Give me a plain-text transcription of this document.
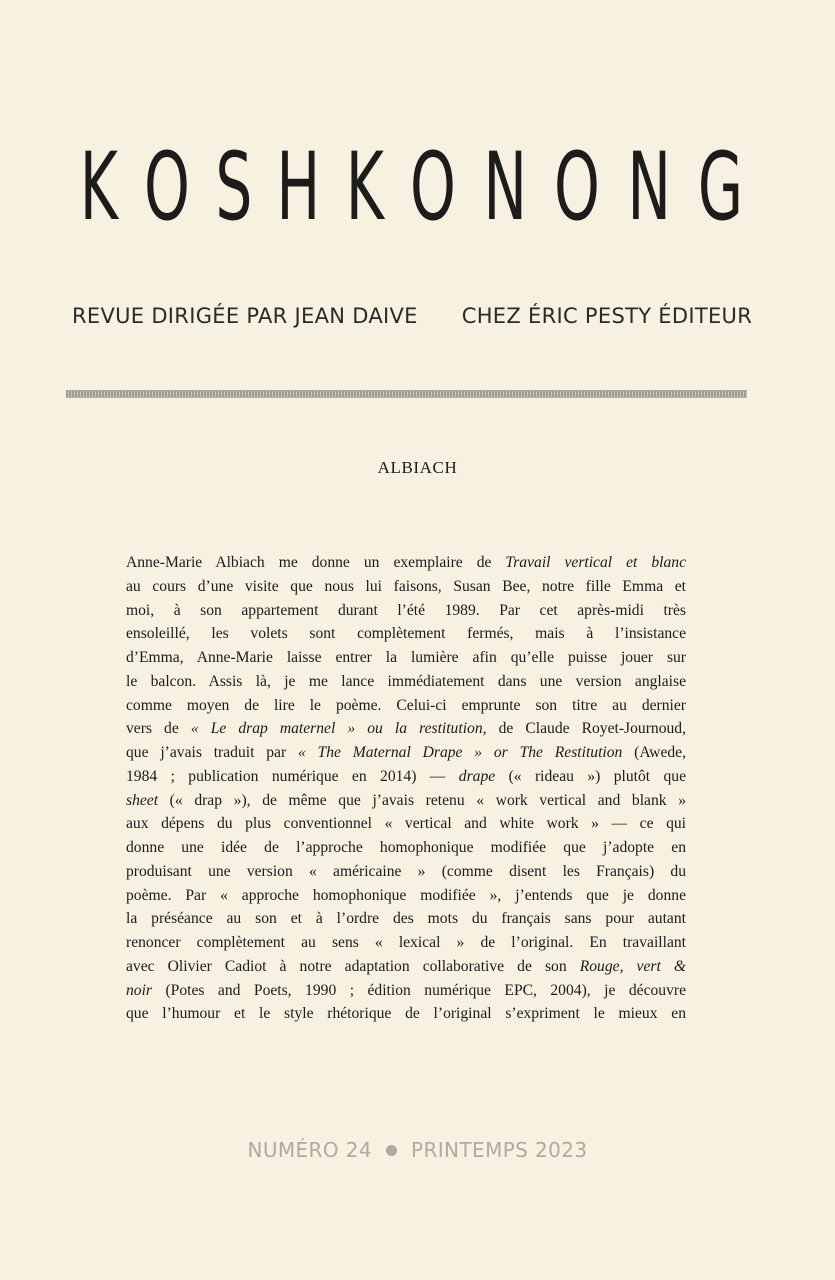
K O S H K O N O N G
REVUE DIRIGÉE PAR JEAN DAIVE CHEZ ÉRIC PESTY ÉDITEUR
ALBIACH
Anne-Marie Albiach me donne un exemplaire de Travail vertical et blanc
au cours d’une visite que nous lui faisons, Susan Bee, notre fille Emma et
moi, à son appartement durant l’été 1989. Par cet après-midi très
ensoleillé, les volets sont complètement fermés, mais à l’insistance
d’Emma, Anne-Marie laisse entrer la lumière afin qu’elle puisse jouer sur
le balcon. Assis là, je me lance immédiatement dans une version anglaise
comme moyen de lire le poème. Celui-ci emprunte son titre au dernier
vers de « Le drap maternel » ou la restitution, de Claude Royet-Journoud,
que j’avais traduit par « The Maternal Drape » or The Restitution (Awede,
1984 ; publication numérique en 2014) — drape (« rideau ») plutôt que
sheet (« drap »), de même que j’avais retenu « work vertical and blank »
aux dépens du plus conventionnel « vertical and white work » — ce qui
donne une idée de l’approche homophonique modifiée que j’adopte en
produisant une version « américaine » (comme disent les Français) du
poème. Par « approche homophonique modifiée », j’entends que je donne
la préséance au son et à l’ordre des mots du français sans pour autant
renoncer complètement au sens « lexical » de l’original. En travaillant
avec Olivier Cadiot à notre adaptation collaborative de son Rouge, vert &
noir (Potes and Poets, 1990 ; édition numérique EPC, 2004), je découvre
que l’humour et le style rhétorique de l’original s’expriment le mieux en
NUMÉRO 24 PRINTEMPS 2023
